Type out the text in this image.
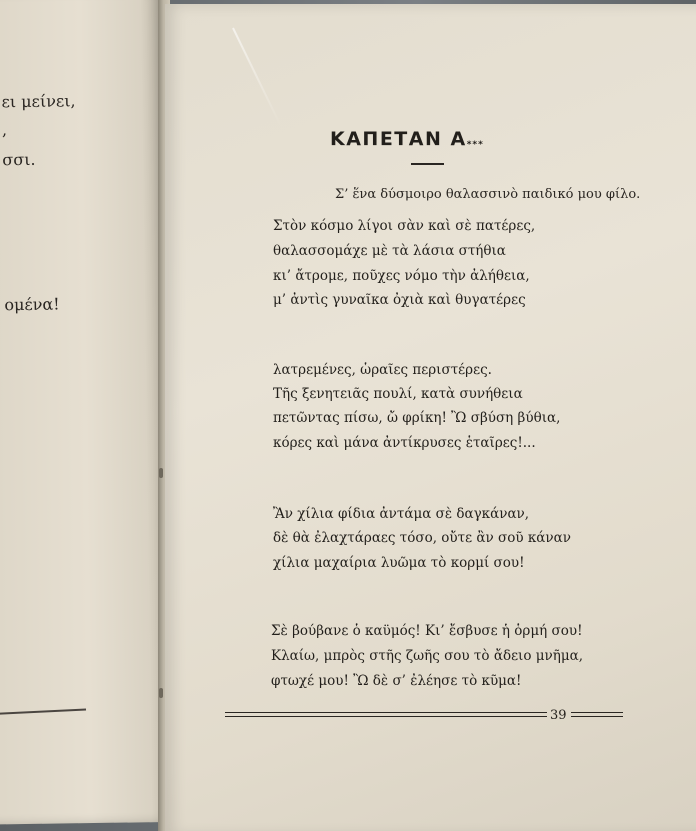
ει μείνει,
,
σσι.
ομένα!
ΚΑΠΕΤΑΝ Α***
Σ’ ἕνα δύσμοιρο θαλασσινὸ παιδικό μου φίλο.
Στὸν κόσμο λίγοι σὰν καὶ σὲ πατέρες,
θαλασσομάχε μὲ τὰ λάσια στήθια
κι’ ἄτρομε, ποῦχες νόμο τὴν ἀλήθεια,
μ’ ἀντὶς γυναῖκα ὀχιὰ καὶ θυγατέρες
λατρεμένες, ὡραῖες περιστέρες.
Τῆς ξενητειᾶς πουλί, κατὰ συνήθεια
πετῶντας πίσω, ὤ φρίκη! Ὢ σβύση βύθια,
κόρες καὶ μάνα ἀντίκρυσες ἑταῖρες!...
Ἂν χίλια φίδια ἀντάμα σὲ δαγκάναν,
δὲ θὰ ἐλαχτάραες τόσο, οὔτε ἂν σοῦ κάναν
χίλια μαχαίρια λυῶμα τὸ κορμί σου!
Σὲ βούβανε ὁ καϋμός! Κι’ ἔσβυσε ἡ ὁρμή σου!
Κλαίω, μπρὸς στῆς ζωῆς σου τὸ ἄδειο μνῆμα,
φτωχέ μου! Ὢ δὲ σ’ ἐλέησε τὸ κῦμα!
39
